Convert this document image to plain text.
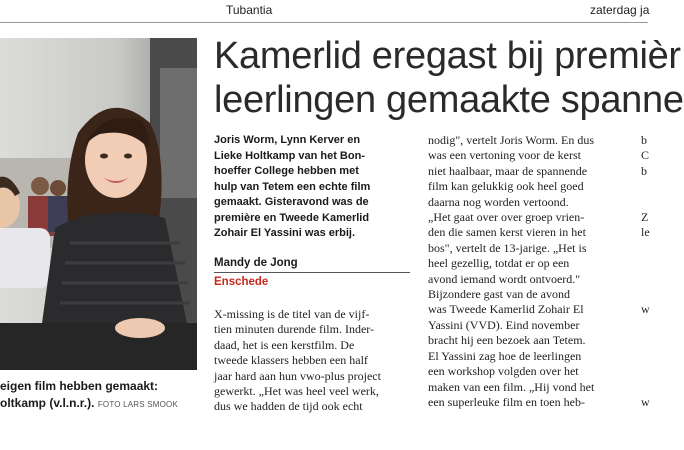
Tubantia	zaterdag ja
Kamerlid eregast bij premièr
leerlingen gemaakte spanne
Joris Worm, Lynn Kerver en
Lieke Holtkamp van het Bon-
hoeffer College hebben met
hulp van Tetem een echte film
gemaakt. Gisteravond was de
première en Tweede Kamerlid
Zohair El Yassini was erbij.
Mandy de Jong
Enschede
X-missing is de titel van de vijf-
tien minuten durende film. Inder-
daad, het is een kerstfilm. De
tweede klassers hebben een half
jaar hard aan hun vwo-plus project
gewerkt. „Het was heel veel werk,
dus we hadden de tijd ook echt
nodig", vertelt Joris Worm. En dus
was een vertoning voor de kerst
niet haalbaar, maar de spannende
film kan gelukkig ook heel goed
daarna nog worden vertoond.
„Het gaat over over groep vrien-
den die samen kerst vieren in het
bos", vertelt de 13-jarige. „Het is
heel gezellig, totdat er op een
avond iemand wordt ontvoerd."
Bijzondere gast van de avond
was Tweede Kamerlid Zohair El
Yassini (VVD). Eind november
bracht hij een bezoek aan Tetem.
El Yassini zag hoe de leerlingen
een workshop volgden over het
maken van een film. „Hij vond het
een superleuke film en toen heb-
b
C
b

Z
le

w

w
eigen film hebben gemaakt:
oltkamp (v.l.n.r.). FOTO LARS SMOOK
